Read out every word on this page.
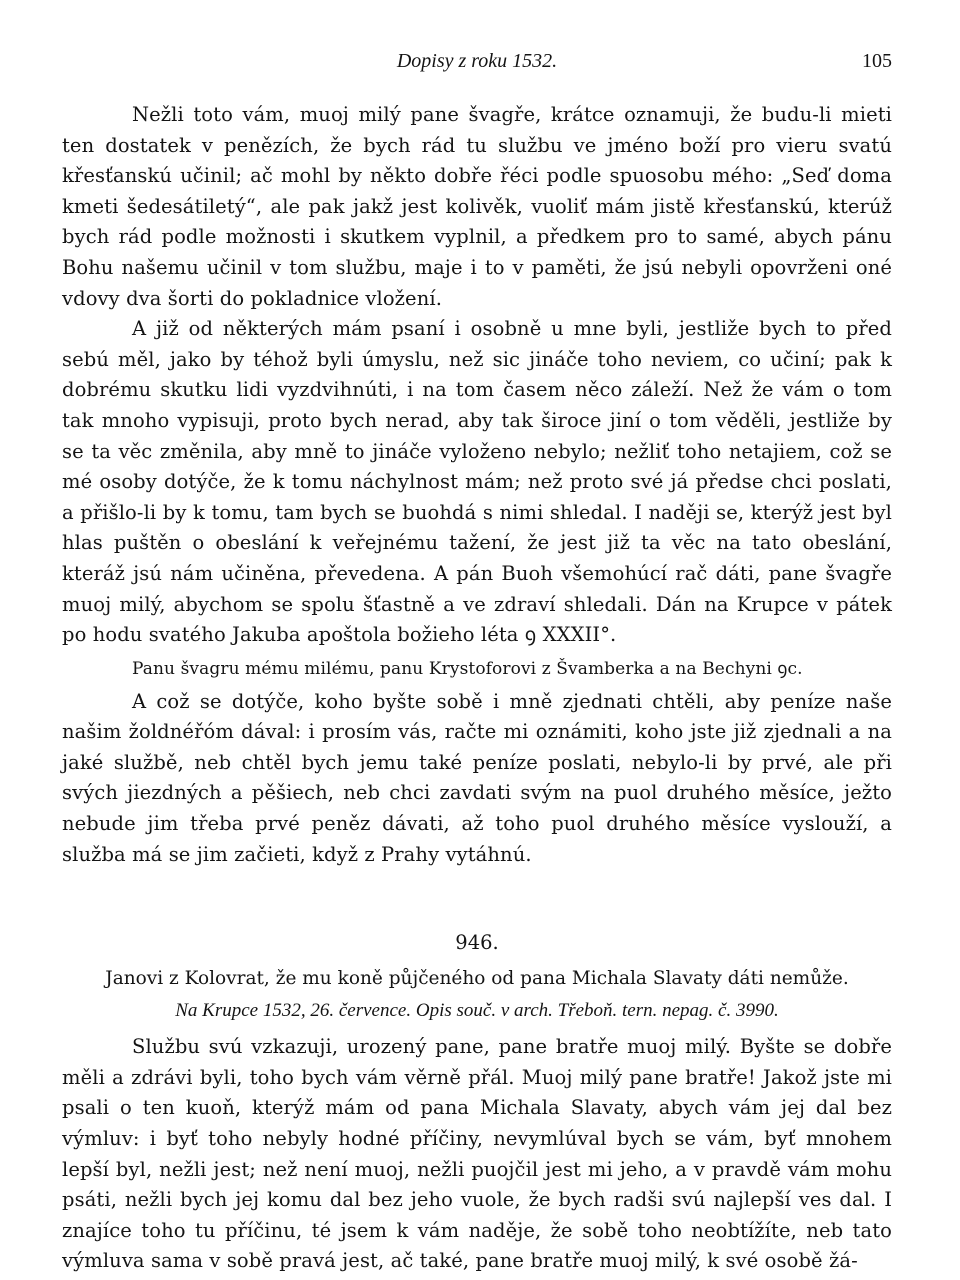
Dopisy z roku 1532.	105

Nežli toto vám, muoj milý pane švagře, krátce oznamuji, že budu-li mieti ten dostatek v penězích, že bych rád tu službu ve jméno boží pro vieru svatú křesťanskú učinil; ač mohl by někto dobře řéci podle spuosobu mého: „Seď doma kmeti šedesátiletý“, ale pak jakž jest kolivěk, vuoliť mám jistě křesťanskú, kterúž bych rád podle možnosti i skutkem vyplnil, a předkem pro to samé, abych pánu Bohu našemu učinil v tom službu, maje i to v paměti, že jsú nebyli opovrženi oné vdovy dva šorti do pokladnice vložení.

A již od některých mám psaní i osobně u mne byli, jestliže bych to před sebú měl, jako by téhož byli úmyslu, než sic jináče toho neviem, co učiní; pak k dobrému skutku lidi vyzdvihnúti, i na tom časem něco záleží. Než že vám o tom tak mnoho vypisuji, proto bych nerad, aby tak široce jiní o tom věděli, jestliže by se ta věc změnila, aby mně to jináče vyloženo nebylo; nežliť toho netajiem, což se mé osoby dotýče, že k tomu náchylnost mám; než proto své já předse chci poslati, a přišlo-li by k tomu, tam bych se buohdá s nimi shledal. I naději se, kterýž jest byl hlas puštěn o obeslání k veřejnému tažení, že jest již ta věc na tato obeslání, kteráž jsú nám učiněna, převedena. A pán Buoh všemohúcí rač dáti, pane švagře muoj milý, abychom se spolu šťastně a ve zdraví shledali. Dán na Krupce v pátek po hodu svatého Jakuba apoštola božieho léta ꝯ XXXII°.

Panu švagru mému milému, panu Krystoforovi z Švamberka a na Bechyni ꝯc.

A což se dotýče, koho byšte sobě i mně zjednati chtěli, aby peníze naše našim žoldnéřóm dával: i prosím vás, račte mi oznámiti, koho jste již zjednali a na jaké službě, neb chtěl bych jemu také peníze poslati, nebylo-li by prvé, ale při svých jiezdných a pěšiech, neb chci zavdati svým na puol druhého měsíce, ježto nebude jim třeba prvé peněz dávati, až toho puol druhého měsíce vyslouží, a služba má se jim začieti, když z Prahy vytáhnú.

946.
Janovi z Kolovrat, že mu koně půjčeného od pana Michala Slavaty dáti nemůže.
Na Krupce 1532, 26. července. Opis souč. v arch. Třeboň. tern. nepag. č. 3990.

Službu svú vzkazuji, urozený pane, pane bratře muoj milý. Byšte se dobře měli a zdrávi byli, toho bych vám věrně přál. Muoj milý pane bratře! Jakož jste mi psali o ten kuoň, kterýž mám od pana Michala Slavaty, abych vám jej dal bez výmluv: i byť toho nebyly hodné příčiny, nevymlúval bych se vám, byť mnohem lepší byl, nežli jest; než není muoj, nežli puojčil jest mi jeho, a v pravdě vám mohu psáti, nežli bych jej komu dal bez jeho vuole, že bych radši svú najlepší ves dal. I znajíce toho tu příčinu, té jsem k vám naděje, že sobě toho neobtížíte, neb tato výmluva sama v sobě pravá jest, ač také, pane bratře muoj milý, k své osobě žá-
